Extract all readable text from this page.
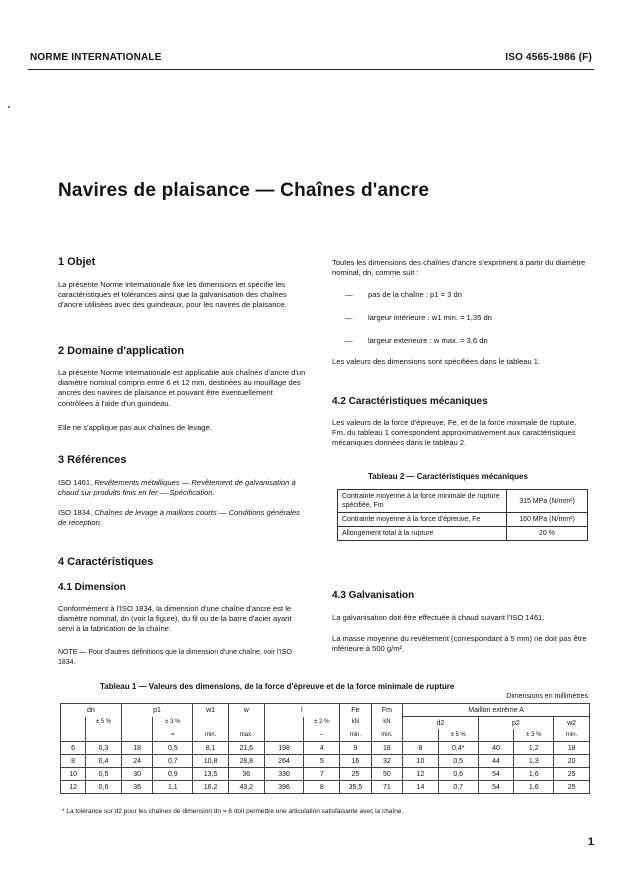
NORME INTERNATIONALE	ISO 4565-1986 (F)
Navires de plaisance — Chaînes d'ancre
1 Objet
La présente Norme internationale fixe les dimensions et spécifie les caractéristiques et tolérances ainsi que la galvanisation des chaînes d'ancre utilisées avec des guindeaux, pour les navires de plaisance.
2 Domaine d'application
La présente Norme internationale est applicable aux chaînes d'ancre d'un diamètre nominal compris entre 6 et 12 mm, destinées au mouillage des ancres des navires de plaisance et pouvant être éventuellement contrôlées à l'aide d'un guindeau.
Elle ne s'applique pas aux chaînes de levage.
3 Références
ISO 1461, Revêtements métalliques — Revêtement de galvanisation à chaud sur produits finis en fer — Spécification.
ISO 1834, Chaînes de levage à maillons courts — Conditions générales de réception.
4 Caractéristiques
4.1 Dimension
Conformément à l'ISO 1834, la dimension d'une chaîne d'ancre est le diamètre nominal, dn (voir la figure), du fil ou de la barre d'acier ayant servi à la fabrication de la chaîne.
NOTE — Pour d'autres définitions que la dimension d'une chaîne, voir l'ISO 1834.
Toutes les dimensions des chaînes d'ancre s'expriment à partir du diamètre nominal, dn, comme suit :
— pas de la chaîne : p1 = 3 dn
— largeur intérieure : w1 min. = 1,35 dn
— largeur extérieure : w max. = 3,6 dn
Les valeurs des dimensions sont spécifiées dans le tableau 1.
4.2 Caractéristiques mécaniques
Les valeurs de la force d'épreuve, Fe, et de la force minimale de rupture, Fm, du tableau 1 correspondent approximativement aux caractéristiques mécaniques données dans le tableau 2.
Tableau 2 — Caractéristiques mécaniques
Contrainte moyenne à la force minimale de rupture spécifiée, Fm	315 MPa (N/mm²)
Contrainte moyenne à la force d'épreuve, Fe	160 MPa (N/mm²)
Allongement total à la rupture	20 %
4.3 Galvanisation
La galvanisation doit être effectuée à chaud suivant l'ISO 1461.
La masse moyenne du revêtement (correspondant à 5 mm) ne doit pas être inférieure à 500 g/m².
Tableau 1 — Valeurs des dimensions, de la force d'épreuve et de la force minimale de rupture
Dimensions en millimètres
dn		p1		w1	w	l		Fe	Fm	Maillon extrême A				
	± 5 %		± 3 %				± 2 %	kN	kN	d2		p2		w2
			=	min.	max.		–	min.	min.		± 5 %		± 3 %	min.
6	0,3	18	0,5	8,1	21,6	198	4	9	18	8	0,4*	40	1,2	18
8	0,4	24	0,7	10,8	28,8	264	5	16	32	10	0,5	44	1,3	20
10	0,5	30	0,9	13,5	36	330	7	25	50	12	0,6	54	1,6	25
12	0,6	36	1,1	16,2	43,2	396	8	35,5	71	14	0,7	54	1,6	25
* La tolérance sur d2 pour les chaînes de dimension dn = 6 doit permettre une articulation satisfaisante avec la chaîne.
1
